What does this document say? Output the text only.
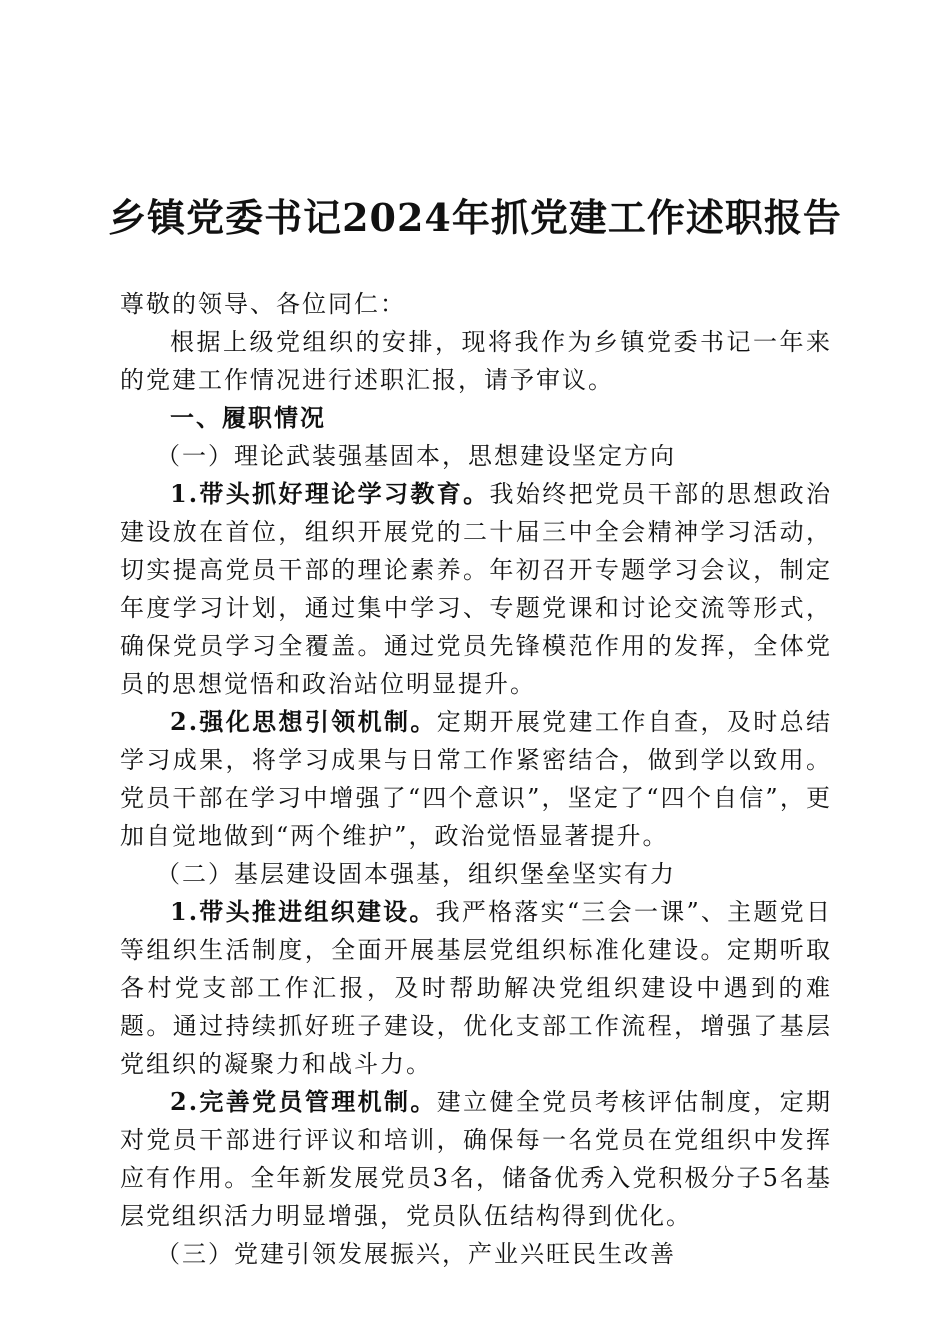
乡镇党委书记2024年抓党建工作述职报告

尊敬的领导、各位同仁：

根据上级党组织的安排，现将我作为乡镇党委书记一年来的党建工作情况进行述职汇报，请予审议。

一、履职情况

（一）理论武装强基固本，思想建设坚定方向

1.带头抓好理论学习教育。我始终把党员干部的思想政治建设放在首位，组织开展党的二十届三中全会精神学习活动，切实提高党员干部的理论素养。年初召开专题学习会议，制定年度学习计划，通过集中学习、专题党课和讨论交流等形式，确保党员学习全覆盖。通过党员先锋模范作用的发挥，全体党员的思想觉悟和政治站位明显提升。

2.强化思想引领机制。定期开展党建工作自查，及时总结学习成果，将学习成果与日常工作紧密结合，做到学以致用。党员干部在学习中增强了“四个意识”，坚定了“四个自信”，更加自觉地做到“两个维护”，政治觉悟显著提升。

（二）基层建设固本强基，组织堡垒坚实有力

1.带头推进组织建设。我严格落实“三会一课”、主题党日等组织生活制度，全面开展基层党组织标准化建设。定期听取各村党支部工作汇报，及时帮助解决党组织建设中遇到的难题。通过持续抓好班子建设，优化支部工作流程，增强了基层党组织的凝聚力和战斗力。

2.完善党员管理机制。建立健全党员考核评估制度，定期对党员干部进行评议和培训，确保每一名党员在党组织中发挥应有作用。全年新发展党员3名，储备优秀入党积极分子5名基层党组织活力明显增强，党员队伍结构得到优化。

（三）党建引领发展振兴，产业兴旺民生改善
